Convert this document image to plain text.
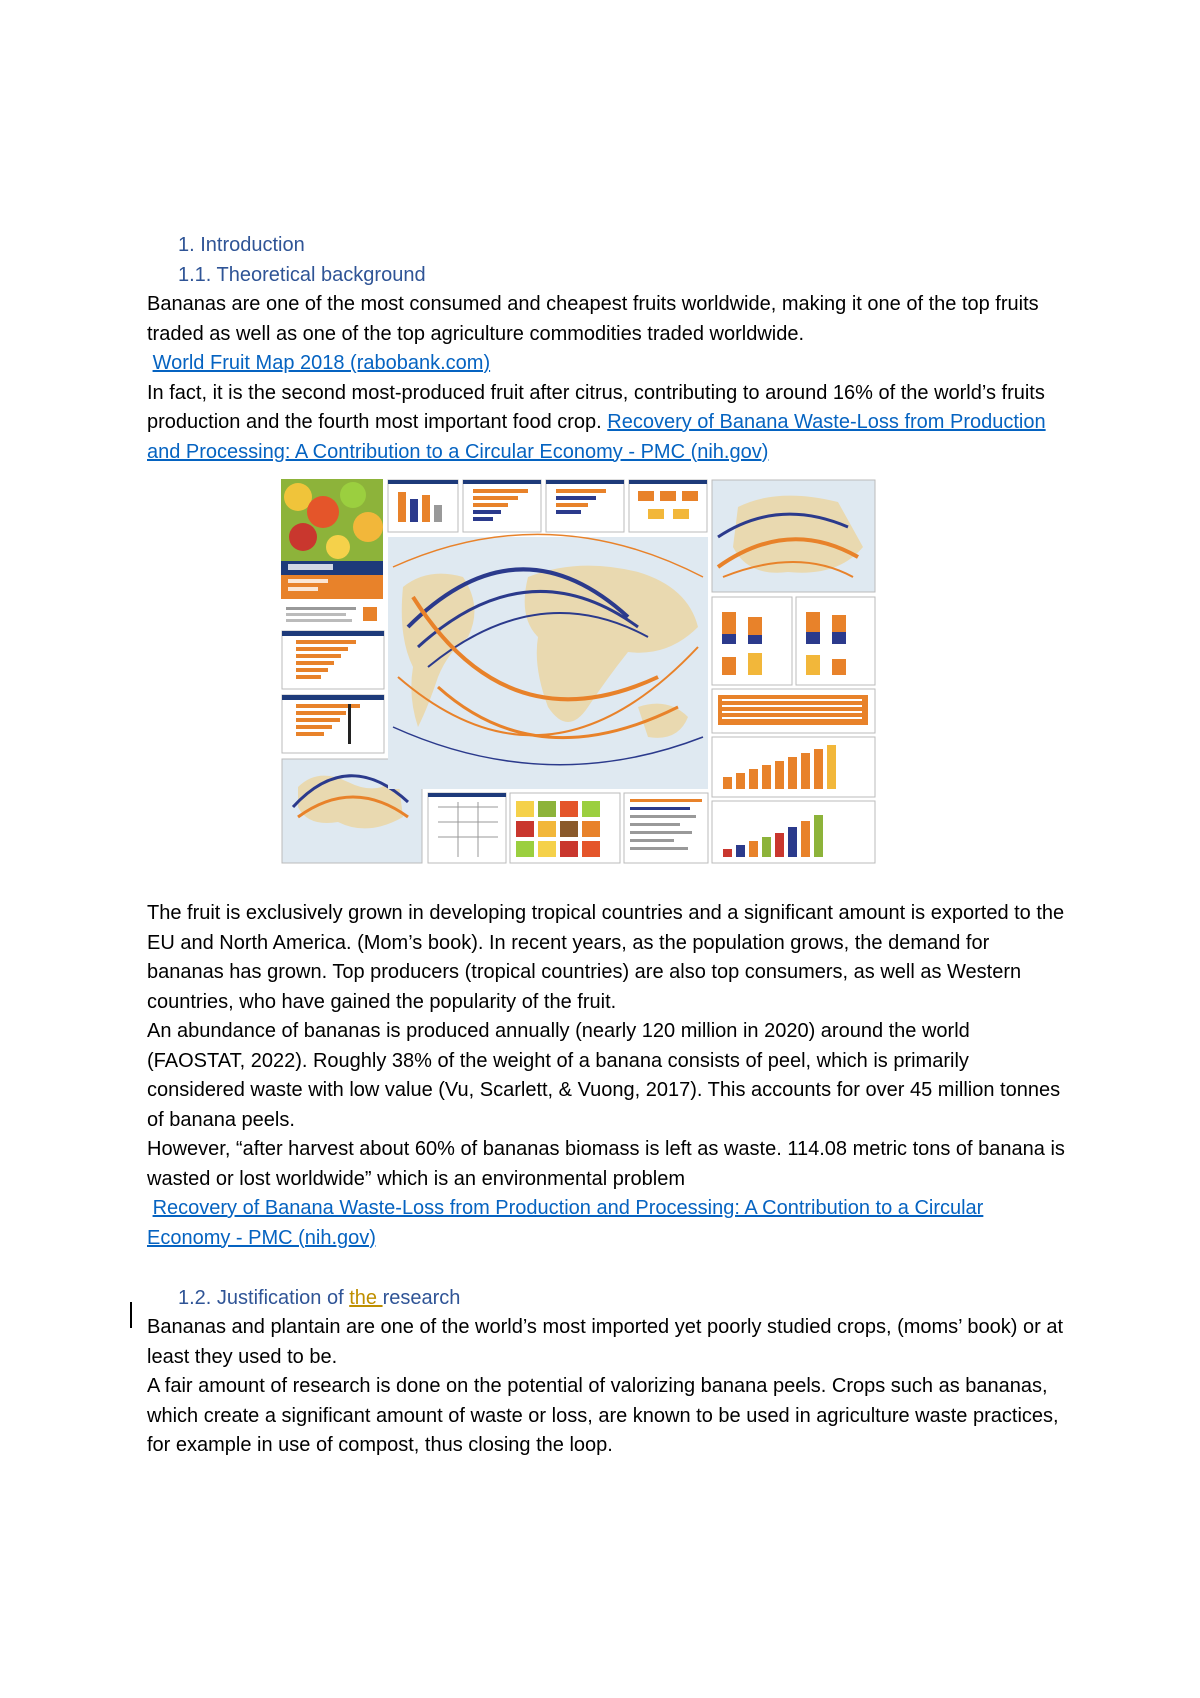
1. Introduction

1.1. Theoretical background

Bananas are one of the most consumed and cheapest fruits worldwide, making it one of the top fruits traded as well as one of the top agriculture commodities traded worldwide.

World Fruit Map 2018 (rabobank.com)

In fact, it is the second most-produced fruit after citrus, contributing to around 16% of the world’s fruits production and the fourth most important food crop. Recovery of Banana Waste-Loss from Production and Processing: A Contribution to a Circular Economy - PMC (nih.gov)

The fruit is exclusively grown in developing tropical countries and a significant amount is exported to the EU and North America. (Mom’s book). In recent years, as the population grows, the demand for bananas has grown. Top producers (tropical countries) are also top consumers, as well as Western countries, who have gained the popularity of the fruit.

An abundance of bananas is produced annually (nearly 120 million in 2020) around the world (FAOSTAT, 2022). Roughly 38% of the weight of a banana consists of peel, which is primarily considered waste with low value (Vu, Scarlett, & Vuong, 2017). This accounts for over 45 million tonnes of banana peels.

However, “after harvest about 60% of bananas biomass is left as waste. 114.08 metric tons of banana is wasted or lost worldwide” which is an environmental problem

Recovery of Banana Waste-Loss from Production and Processing: A Contribution to a Circular Economy - PMC (nih.gov)

1.2. Justification of the research

Bananas and plantain are one of the world’s most imported yet poorly studied crops, (moms’ book) or at least they used to be.

A fair amount of research is done on the potential of valorizing banana peels. Crops such as bananas, which create a significant amount of waste or loss, are known to be used in agriculture waste practices, for example in use of compost, thus closing the loop.
